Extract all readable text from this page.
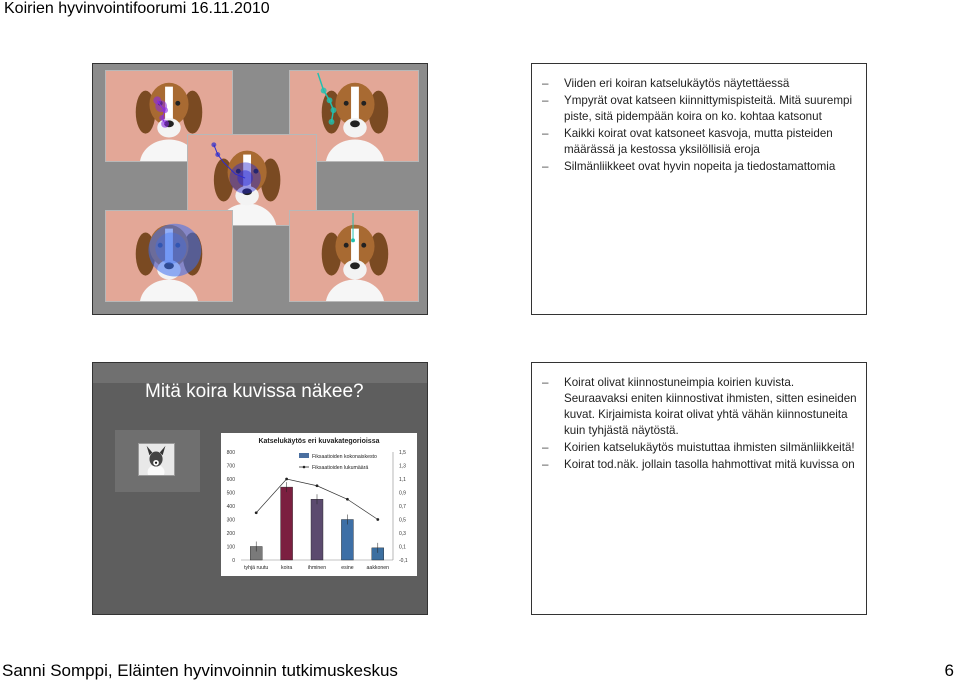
Koirien hyvinvointifoorumi 16.11.2010
– Viiden eri koiran katselukäytös näytettäessä
– Ympyrät ovat katseen kiinnittymispisteitä. Mitä suurempi piste, sitä pidempään koira on ko. kohtaa katsonut
– Kaikki koirat ovat katsoneet kasvoja, mutta pisteiden määrässä ja kestossa yksilöllisiä eroja
– Silmänliikkeet ovat hyvin nopeita ja tiedostamattomia
Mitä koira kuvissa näkee?
Katselukäytös eri kuvakategorioissa
0
100
200
300
400
500
600
700
800
-0,1
0,1
0,3
0,5
0,7
0,9
1,1
1,3
1,5
tyhjä ruutu koira	ihminen	esine aakkonen
Fiksaatioiden kokonaiskesto
Fiksaatioiden lukumäärä
– Koirat olivat kiinnostuneimpia koirien kuvista. Seuraavaksi eniten kiinnostivat ihmisten, sitten esineiden kuvat. Kirjaimista koirat olivat yhtä vähän kiinnostuneita kuin tyhjästä näytöstä.
– Koirien katselukäytös muistuttaa ihmisten silmänliikkeitä!
– Koirat tod.näk. jollain tasolla hahmottivat mitä kuvissa on
Sanni Somppi, Eläinten hyvinvoinnin tutkimuskeskus	6
